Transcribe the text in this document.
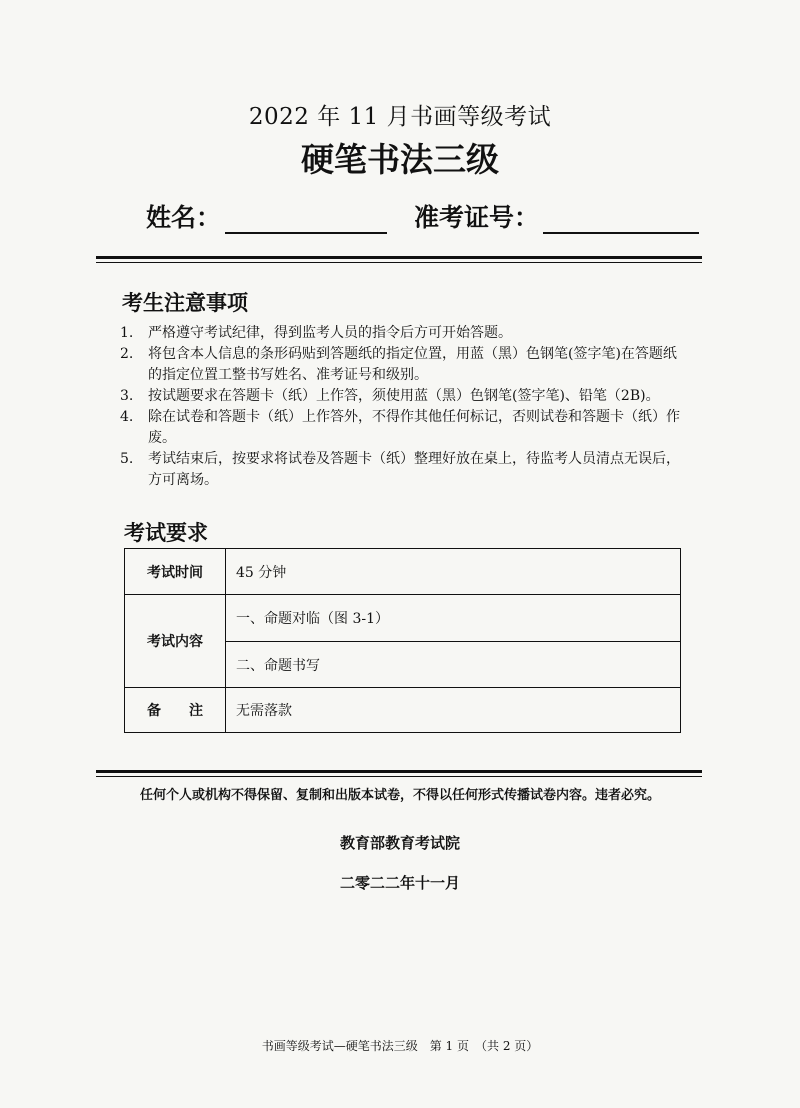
2022 年 11 月书画等级考试
硬笔书法三级
姓名：	准考证号：
考生注意事项
1.	严格遵守考试纪律，得到监考人员的指令后方可开始答题。
2.	将包含本人信息的条形码贴到答题纸的指定位置，用蓝（黑）色钢笔(签字笔)在答题纸的指定位置工整书写姓名、准考证号和级别。
3.	按试题要求在答题卡（纸）上作答，须使用蓝（黑）色钢笔(签字笔)、铅笔（2B)。
4.	除在试卷和答题卡（纸）上作答外，不得作其他任何标记，否则试卷和答题卡（纸）作废。
5.	考试结束后，按要求将试卷及答题卡（纸）整理好放在桌上，待监考人员清点无误后，方可离场。
考试要求
考试时间	45 分钟
考试内容	一、命题对临（图 3-1）
	二、命题书写
备　　注	无需落款
任何个人或机构不得保留、复制和出版本试卷，不得以任何形式传播试卷内容。违者必究。
教育部教育考试院
二零二二年十一月
书画等级考试—硬笔书法三级　第 1 页　（共 2 页）
